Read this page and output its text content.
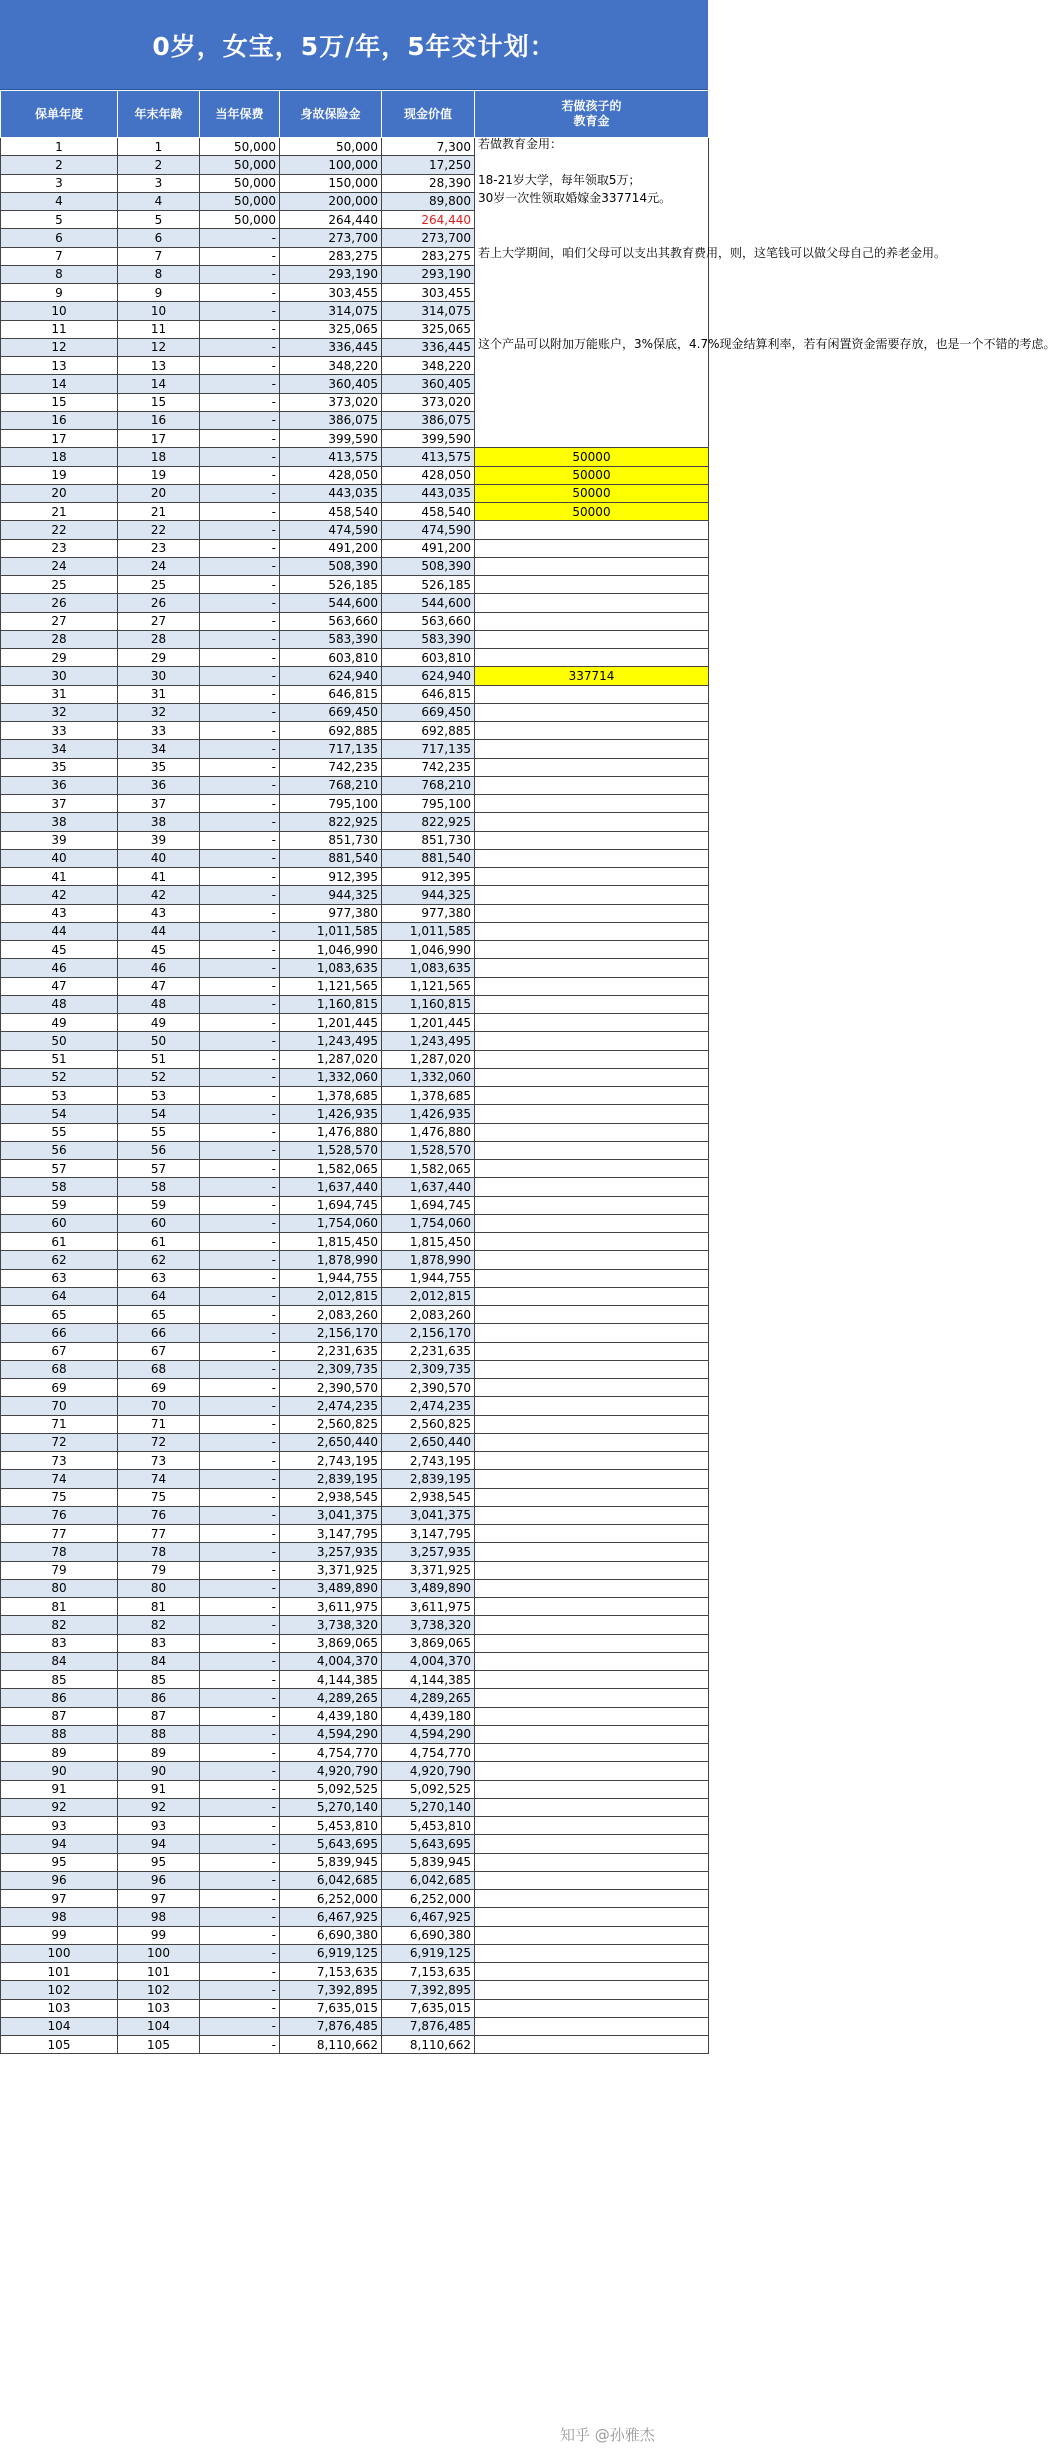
0岁，女宝，5万/年，5年交计划：
保单年度	年末年龄	当年保费	身故保险金	现金价值	若做孩子的
教育金
1	1	50,000	50,000	7,300	若做教育金用：
2	2	50,000	100,000	17,250	
3	3	50,000	150,000	28,390	18-21岁大学，每年领取5万；
4	4	50,000	200,000	89,800	30岁一次性领取婚嫁金337714元。
5	5	50,000	264,440	264,440	
6	6	-	273,700	273,700	
7	7	-	283,275	283,275	若上大学期间，咱们父母可以支出其教育费用，则，这笔钱可以做父母自己的养老金用。
8	8	-	293,190	293,190	
9	9	-	303,455	303,455	
10	10	-	314,075	314,075	
11	11	-	325,065	325,065	
12	12	-	336,445	336,445	这个产品可以附加万能账户，3%保底，4.7%现金结算利率，若有闲置资金需要存放，也是一个不错的考虑。
13	13	-	348,220	348,220	
14	14	-	360,405	360,405	
15	15	-	373,020	373,020	
16	16	-	386,075	386,075	
17	17	-	399,590	399,590	
18	18	-	413,575	413,575	50000
19	19	-	428,050	428,050	50000
20	20	-	443,035	443,035	50000
21	21	-	458,540	458,540	50000
22	22	-	474,590	474,590	
23	23	-	491,200	491,200	
24	24	-	508,390	508,390	
25	25	-	526,185	526,185	
26	26	-	544,600	544,600	
27	27	-	563,660	563,660	
28	28	-	583,390	583,390	
29	29	-	603,810	603,810	
30	30	-	624,940	624,940	337714
31	31	-	646,815	646,815	
32	32	-	669,450	669,450	
33	33	-	692,885	692,885	
34	34	-	717,135	717,135	
35	35	-	742,235	742,235	
36	36	-	768,210	768,210	
37	37	-	795,100	795,100	
38	38	-	822,925	822,925	
39	39	-	851,730	851,730	
40	40	-	881,540	881,540	
41	41	-	912,395	912,395	
42	42	-	944,325	944,325	
43	43	-	977,380	977,380	
44	44	-	1,011,585	1,011,585	
45	45	-	1,046,990	1,046,990	
46	46	-	1,083,635	1,083,635	
47	47	-	1,121,565	1,121,565	
48	48	-	1,160,815	1,160,815	
49	49	-	1,201,445	1,201,445	
50	50	-	1,243,495	1,243,495	
51	51	-	1,287,020	1,287,020	
52	52	-	1,332,060	1,332,060	
53	53	-	1,378,685	1,378,685	
54	54	-	1,426,935	1,426,935	
55	55	-	1,476,880	1,476,880	
56	56	-	1,528,570	1,528,570	
57	57	-	1,582,065	1,582,065	
58	58	-	1,637,440	1,637,440	
59	59	-	1,694,745	1,694,745	
60	60	-	1,754,060	1,754,060	
61	61	-	1,815,450	1,815,450	
62	62	-	1,878,990	1,878,990	
63	63	-	1,944,755	1,944,755	
64	64	-	2,012,815	2,012,815	
65	65	-	2,083,260	2,083,260	
66	66	-	2,156,170	2,156,170	
67	67	-	2,231,635	2,231,635	
68	68	-	2,309,735	2,309,735	
69	69	-	2,390,570	2,390,570	
70	70	-	2,474,235	2,474,235	
71	71	-	2,560,825	2,560,825	
72	72	-	2,650,440	2,650,440	
73	73	-	2,743,195	2,743,195	
74	74	-	2,839,195	2,839,195	
75	75	-	2,938,545	2,938,545	
76	76	-	3,041,375	3,041,375	
77	77	-	3,147,795	3,147,795	
78	78	-	3,257,935	3,257,935	
79	79	-	3,371,925	3,371,925	
80	80	-	3,489,890	3,489,890	
81	81	-	3,611,975	3,611,975	
82	82	-	3,738,320	3,738,320	
83	83	-	3,869,065	3,869,065	
84	84	-	4,004,370	4,004,370	
85	85	-	4,144,385	4,144,385	
86	86	-	4,289,265	4,289,265	
87	87	-	4,439,180	4,439,180	
88	88	-	4,594,290	4,594,290	
89	89	-	4,754,770	4,754,770	
90	90	-	4,920,790	4,920,790	
91	91	-	5,092,525	5,092,525	
92	92	-	5,270,140	5,270,140	
93	93	-	5,453,810	5,453,810	
94	94	-	5,643,695	5,643,695	
95	95	-	5,839,945	5,839,945	
96	96	-	6,042,685	6,042,685	
97	97	-	6,252,000	6,252,000	
98	98	-	6,467,925	6,467,925	
99	99	-	6,690,380	6,690,380	
100	100	-	6,919,125	6,919,125	
101	101	-	7,153,635	7,153,635	
102	102	-	7,392,895	7,392,895	
103	103	-	7,635,015	7,635,015	
104	104	-	7,876,485	7,876,485	
105	105	-	8,110,662	8,110,662	
知乎 @孙雅杰
